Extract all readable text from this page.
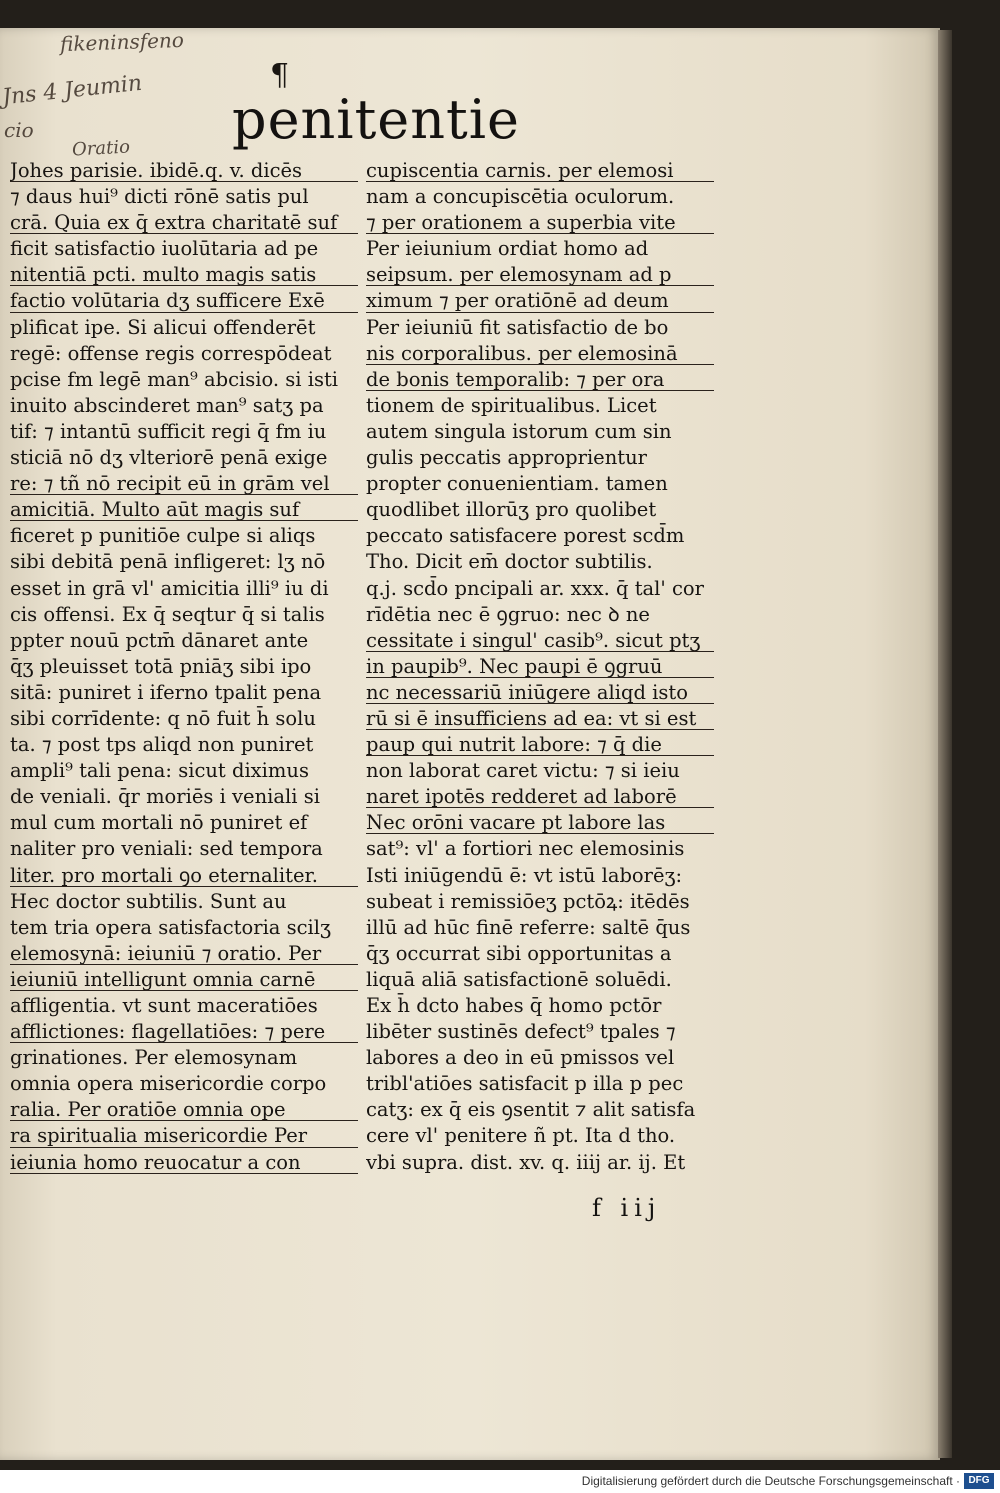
fikeninsfeno
Jns 4 Jeumin
cio
Oratio
¶
penitentie
Johes parisie. ibidē.q. v. dicēs
⁊ daus hui⁹ dicti rōnē satis pul
crā. Quia ex q̄ extra charitatē suf
ficit satisfactio iuolūtaria ad pe
nitentiā pcti. multo magis satis
factio volūtaria dʒ sufficere Exē
plificat ipe. Si alicui offenderēt
regē: offense regis correspōdeat
pcise fm legē man⁹ abcisio. si isti
inuito abscinderet man⁹ satʒ pa
tif: ⁊ intantū sufficit regi q̄ fm iu
sticiā nō dʒ vlteriorē penā exige
re: ⁊ tñ nō recipit eū in grām vel
amicitiā. Multo aūt magis suf
ficeret p punitiōe culpe si aliqs
sibi debitā penā infligeret: lʒ nō
esset in grā vl' amicitia illi⁹ iu di
cis offensi. Ex q̄ seqtur q̄ si talis
ppter nouū pctm̄ dānaret ante
q̄ʒ pleuisset totā pniāʒ sibi ipo
sitā: puniret i iferno tpalit pena
sibi corrīdente: q nō fuit h̄ solu
ta. ⁊ post tps aliqd non puniret
ampli⁹ tali pena: sicut diximus
de veniali. q̄r moriēs i veniali si
mul cum mortali nō puniret ef
naliter pro veniali: sed tempora
liter. pro mortali ꝯo eternaliter.
Hec doctor subtilis. Sunt au
tem tria opera satisfactoria scilʒ
elemosynā: ieiuniū ⁊ oratio. Per
ieiuniū intelligunt omnia carnē
affligentia. vt sunt maceratiōes
afflictiones: flagellatiōes: ⁊ pere
grinationes. Per elemosynam
omnia opera misericordie corpo
ralia. Per oratiōe omnia ope
ra spiritualia misericordie Per
ieiunia homo reuocatur a con
cupiscentia carnis. per elemosi
nam a concupiscētia oculorum.
⁊ per orationem a superbia vite
Per ieiunium ordiat homo ad
seipsum. per elemosynam ad p
ximum ⁊ per oratiōnē ad deum
Per ieiuniū fit satisfactio de bo
nis corporalibus. per elemosinā
de bonis temporalib: ⁊ per ora
tionem de spiritualibus. Licet
autem singula istorum cum sin
gulis peccatis approprientur
propter conuenientiam. tamen
quodlibet illorūʒ pro quolibet
peccato satisfacere porest scd̄m
Tho. Dicit em̄ doctor subtilis.
q.j. scd̄o pncipali ar. xxx. q̄ tal' cor
rīdētia nec ē ꝯgruo: nec ꝺ ne
cessitate i singul' casib⁹. sicut ptʒ
in paupib⁹. Nec paupi ē ꝯgruū
nc necessariū iniūgere aliqd isto
rū si ē insufficiens ad ea: vt si est
paup qui nutrit labore: ⁊ q̄ die
non laborat caret victu: ⁊ si ieiu
naret ipotēs redderet ad laborē
Nec orōni vacare pt labore las
sat⁹: vl' a fortiori nec elemosinis
Isti iniūgendū ē: vt istū laborēʒ:
subeat i remissiōeʒ pctōꝝ: itēdēs
illū ad hūc finē referre: saltē q̄us
q̄ʒ occurrat sibi opportunitas a
liquā aliā satisfactionē soluēdi.
Ex h̄ dcto habes q̄ homo pctōr
libēter sustinēs defect⁹ tpales ⁊
labores a deo in eū pmissos vel
tribl'atiōes satisfacit p illa p pec
catʒ: ex q̄ eis ꝯsentit ⁊ alit satisfa
cere vl' penitere ñ pt. Ita d tho.
vbi supra. dist. xv. q. iiij ar. ij. Et
f iij
Digitalisierung gefördert durch die Deutsche Forschungsgemeinschaft · DFG
